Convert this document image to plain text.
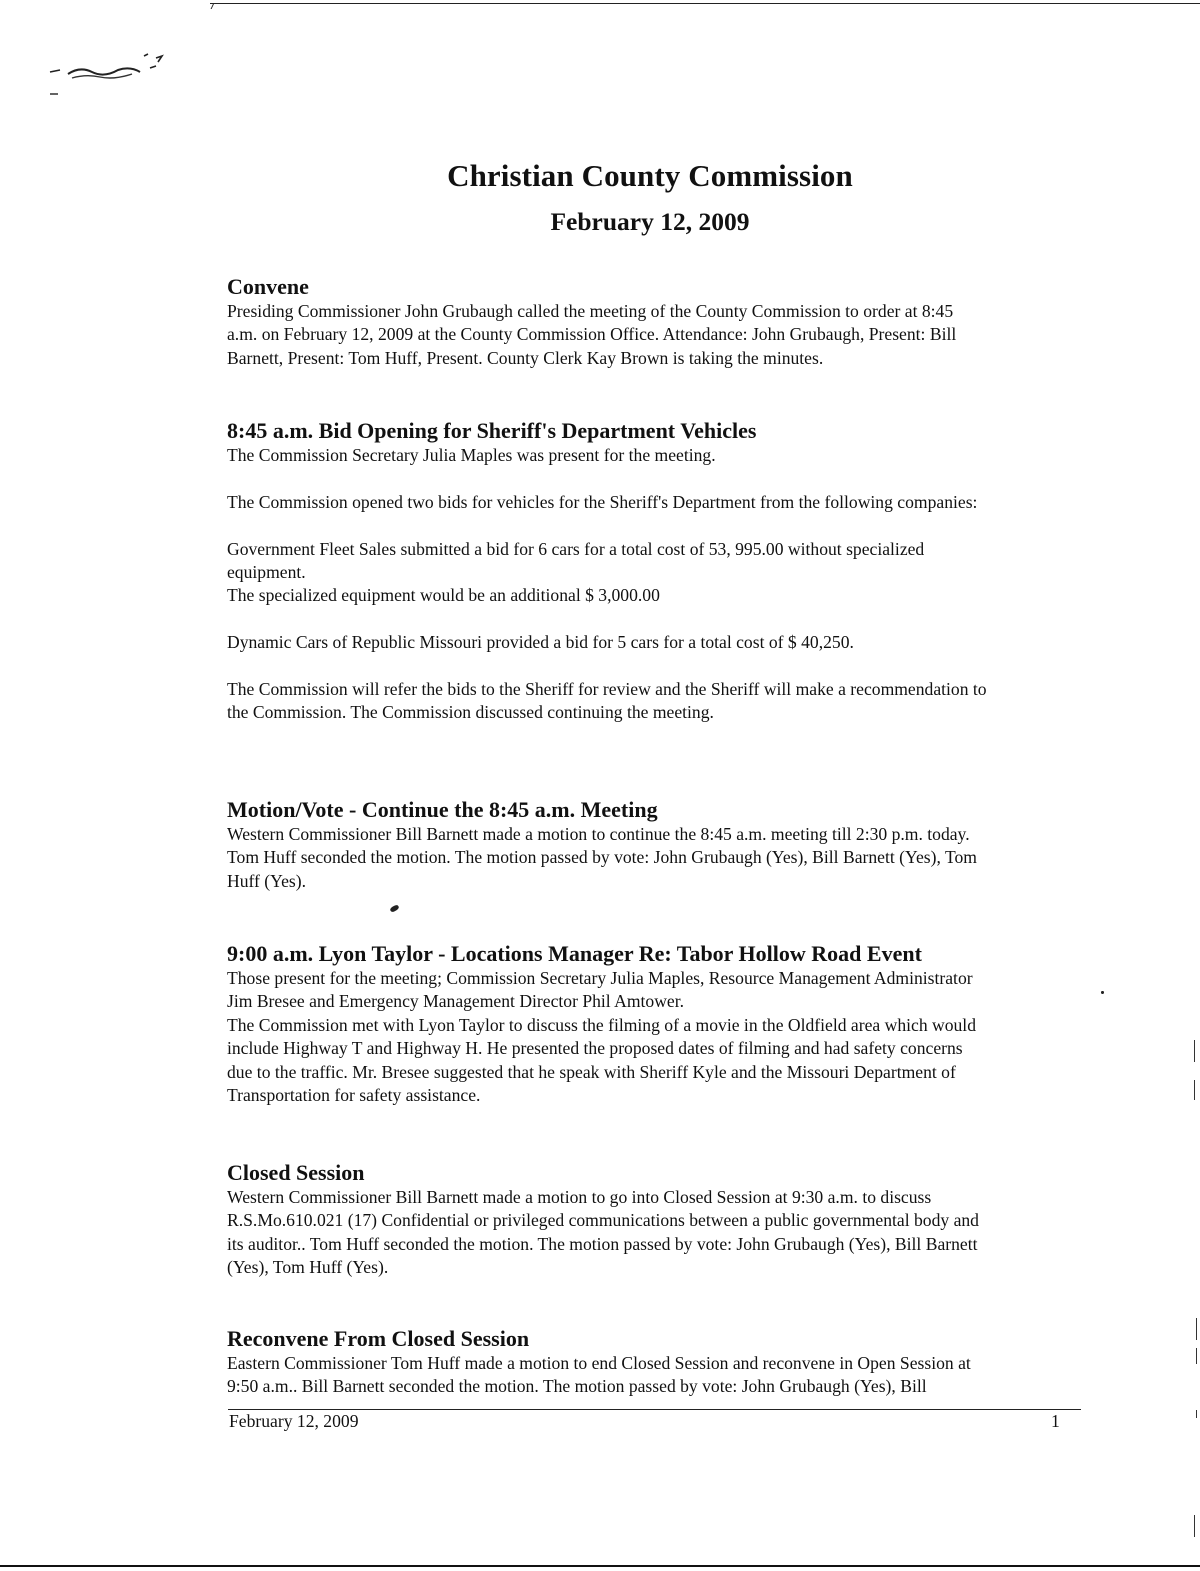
Christian County Commission
February 12, 2009
Convene

Presiding Commissioner John Grubaugh called the meeting of the County Commission to order at 8:45

a.m. on February 12, 2009 at the County Commission Office. Attendance: John Grubaugh, Present: Bill

Barnett, Present: Tom Huff, Present. County Clerk Kay Brown is taking the minutes.

8:45 a.m. Bid Opening for Sheriff's Department Vehicles

The Commission Secretary Julia Maples was present for the meeting.

The Commission opened two bids for vehicles for the Sheriff's Department from the following companies:

Government Fleet Sales submitted a bid for 6 cars for a total cost of 53, 995.00 without specialized

equipment.

The specialized equipment would be an additional $ 3,000.00

Dynamic Cars of Republic Missouri provided a bid for 5 cars for a total cost of $ 40,250.

The Commission will refer the bids to the Sheriff for review and the Sheriff will make a recommendation to

the Commission. The Commission discussed continuing the meeting.

Motion/Vote - Continue the 8:45 a.m. Meeting

Western Commissioner Bill Barnett made a motion to continue the 8:45 a.m. meeting till 2:30 p.m. today.

Tom Huff seconded the motion. The motion passed by vote: John Grubaugh (Yes), Bill Barnett (Yes), Tom

Huff (Yes).

9:00 a.m. Lyon Taylor - Locations Manager Re: Tabor Hollow Road Event

Those present for the meeting; Commission Secretary Julia Maples, Resource Management Administrator

Jim Bresee and Emergency Management Director Phil Amtower.

The Commission met with Lyon Taylor to discuss the filming of a movie in the Oldfield area which would

include Highway T and Highway H. He presented the proposed dates of filming and had safety concerns

due to the traffic. Mr. Bresee suggested that he speak with Sheriff Kyle and the Missouri Department of

Transportation for safety assistance.

Closed Session

Western Commissioner Bill Barnett made a motion to go into Closed Session at 9:30 a.m. to discuss

R.S.Mo.610.021 (17) Confidential or privileged communications between a public governmental body and

its auditor.. Tom Huff seconded the motion. The motion passed by vote: John Grubaugh (Yes), Bill Barnett

(Yes), Tom Huff (Yes).

Reconvene From Closed Session

Eastern Commissioner Tom Huff made a motion to end Closed Session and reconvene in Open Session at

9:50 a.m.. Bill Barnett seconded the motion. The motion passed by vote: John Grubaugh (Yes), Bill

February 12, 2009	1
